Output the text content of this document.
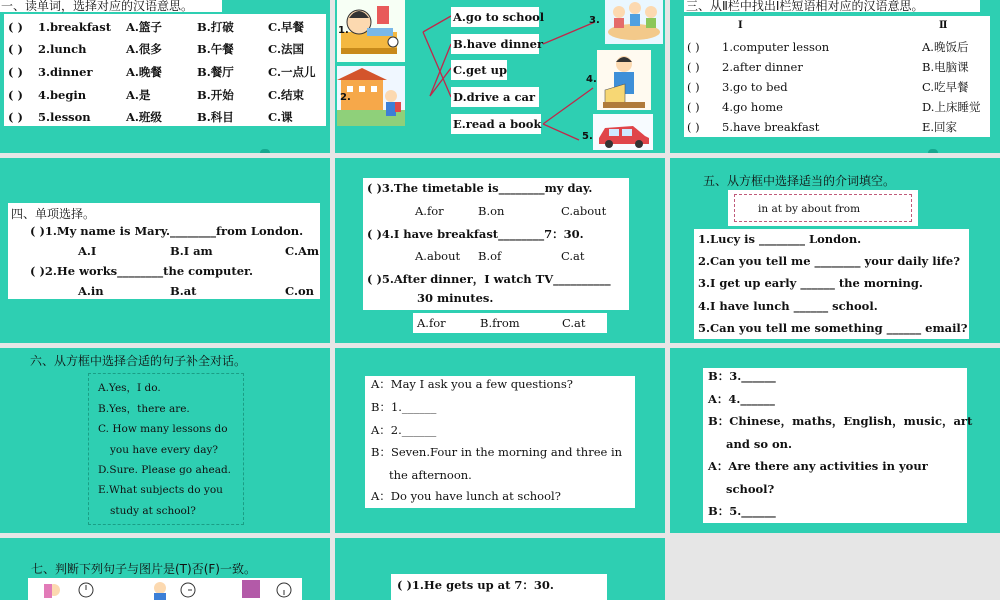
一、读单词，选择对应的汉语意思。
( ) 1.breakfast A.篮子	B.打破	C.早餐
( ) 2.lunch	A.很多	B.午餐	C.法国
( ) 3.dinner	A.晚餐	B.餐厅	C.一点儿
( ) 4.begin	A.是	B.开始	C.结束
( ) 5.lesson	A.班级	B.科目	C.课
1.
2.
A.go to school
B.have dinner
C.get up
D.drive a car
E.read a book
3.
4.
5.
三、从Ⅱ栏中找出Ⅰ栏短语相对应的汉语意思。
Ⅰ	Ⅱ
( ) 1.computer lesson	A.晚饭后
( ) 2.after dinner	B.电脑课
( ) 3.go to bed	C.吃早餐
( ) 4.go home	D.上床睡觉
( ) 5.have breakfast	E.回家
四、单项选择。
( )1.My name is Mary.________from London.
A.I	B.I am	C.Am
( )2.He works________the computer.
A.in	B.at	C.on
( )3.The timetable is________my day.
A.for	B.on	C.about
( )4.I have breakfast________7：30.
A.about B.of	C.at
( )5.After dinner，I watch TV__________
30 minutes.
A.for	B.from	C.at
五、从方框中选择适当的介词填空。
in at by about from
1.Lucy is ________ London.
2.Can you tell me ________ your daily life?
3.I get up early ______ the morning.
4.I have lunch ______ school.
5.Can you tell me something ______ email?
六、从方框中选择合适的句子补全对话。
A.Yes，I do.
B.Yes，there are.
C. How many lessons do
you have every day?
D.Sure. Please go ahead.
E.What subjects do you
study at school?
A：May I ask you a few questions?
B：1.______
A：2.______
B：Seven.Four in the morning and three in
the afternoon.
A：Do you have lunch at school?
B：3.______
A：4.______
B：Chinese，maths，English，music，art
and so on.
A：Are there any activities in your
school?
B：5.______
七、判断下列句子与图片是(T)否(F)一致。
( )1.He gets up at 7：30.
